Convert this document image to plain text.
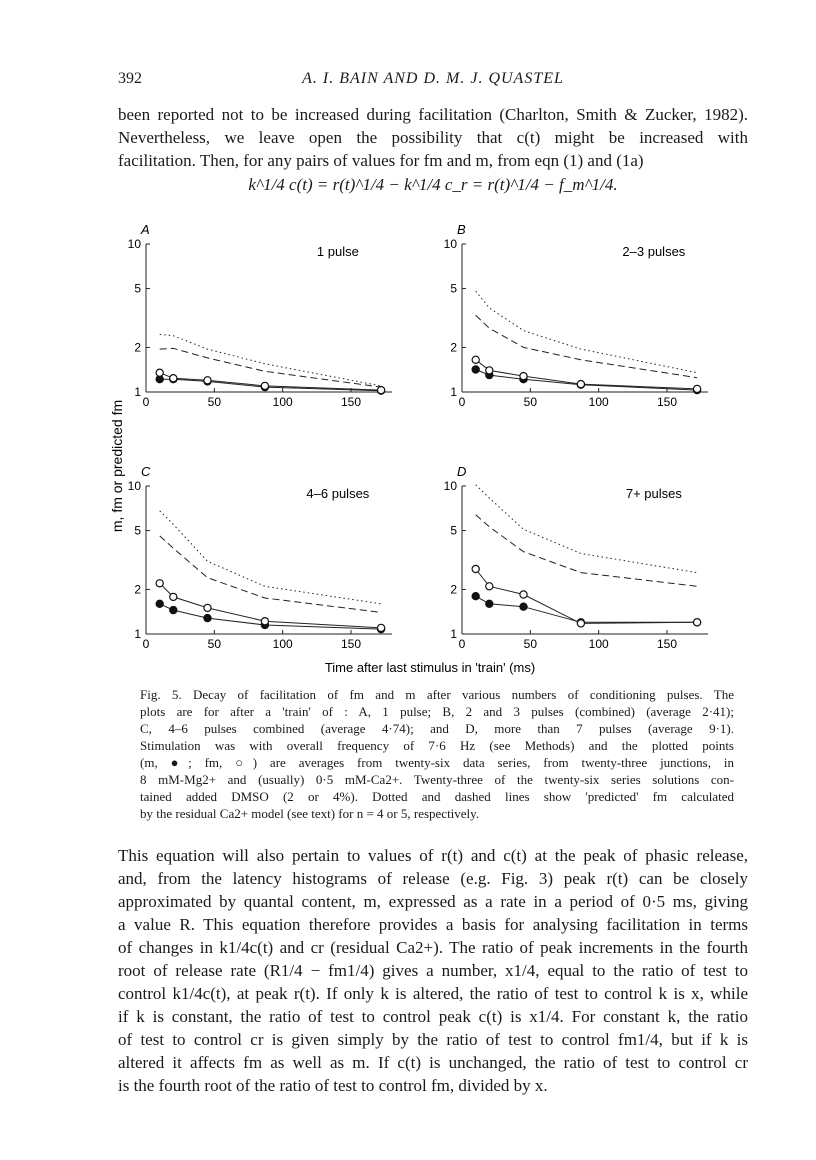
392	A. I. BAIN AND D. M. J. QUASTEL
been reported not to be increased during facilitation (Charlton, Smith & Zucker, 1982).
Nevertheless, we leave open the possibility that c(t) might be increased with
facilitation. Then, for any pairs of values for fm and m, from eqn (1) and (1a)
k^1/4 c(t) = r(t)^1/4 − k^1/4 c_r = r(t)^1/4 − f_m^1/4.
A
1 pulse
1
2
5
10
0	50	100	150
B
2–3 pulses
1
2
5
10
0	50	100	150
C
4–6 pulses
1
2
5
10
0	50	100	150
D
7+ pulses
1
2
5
10
0	50	100	150
m, fm or predicted fm
Time after last stimulus in 'train' (ms)
Fig. 5. Decay of facilitation of fm and m after various numbers of conditioning pulses. The
plots are for after a 'train' of : A, 1 pulse; B, 2 and 3 pulses (combined) (average 2·41);
C, 4–6 pulses combined (average 4·74); and D, more than 7 pulses (average 9·1).
Stimulation was with overall frequency of 7·6 Hz (see Methods) and the plotted points
(m, ●; fm, ○) are averages from twenty-six data series, from twenty-three junctions, in
8 mM-Mg2+ and (usually) 0·5 mM-Ca2+. Twenty-three of the twenty-six series solutions con-
tained added DMSO (2 or 4%). Dotted and dashed lines show 'predicted' fm calculated
by the residual Ca2+ model (see text) for n = 4 or 5, respectively.
This equation will also pertain to values of r(t) and c(t) at the peak of phasic release,
and, from the latency histograms of release (e.g. Fig. 3) peak r(t) can be closely
approximated by quantal content, m, expressed as a rate in a period of 0·5 ms, giving
a value R. This equation therefore provides a basis for analysing facilitation in terms
of changes in k1/4c(t) and cr (residual Ca2+). The ratio of peak increments in the fourth
root of release rate (R1/4 − fm1/4) gives a number, x1/4, equal to the ratio of test to
control k1/4c(t), at peak r(t). If only k is altered, the ratio of test to control k is x, while
if k is constant, the ratio of test to control peak c(t) is x1/4. For constant k, the ratio
of test to control cr is given simply by the ratio of test to control fm1/4, but if k is
altered it affects fm as well as m. If c(t) is unchanged, the ratio of test to control cr
is the fourth root of the ratio of test to control fm, divided by x.
